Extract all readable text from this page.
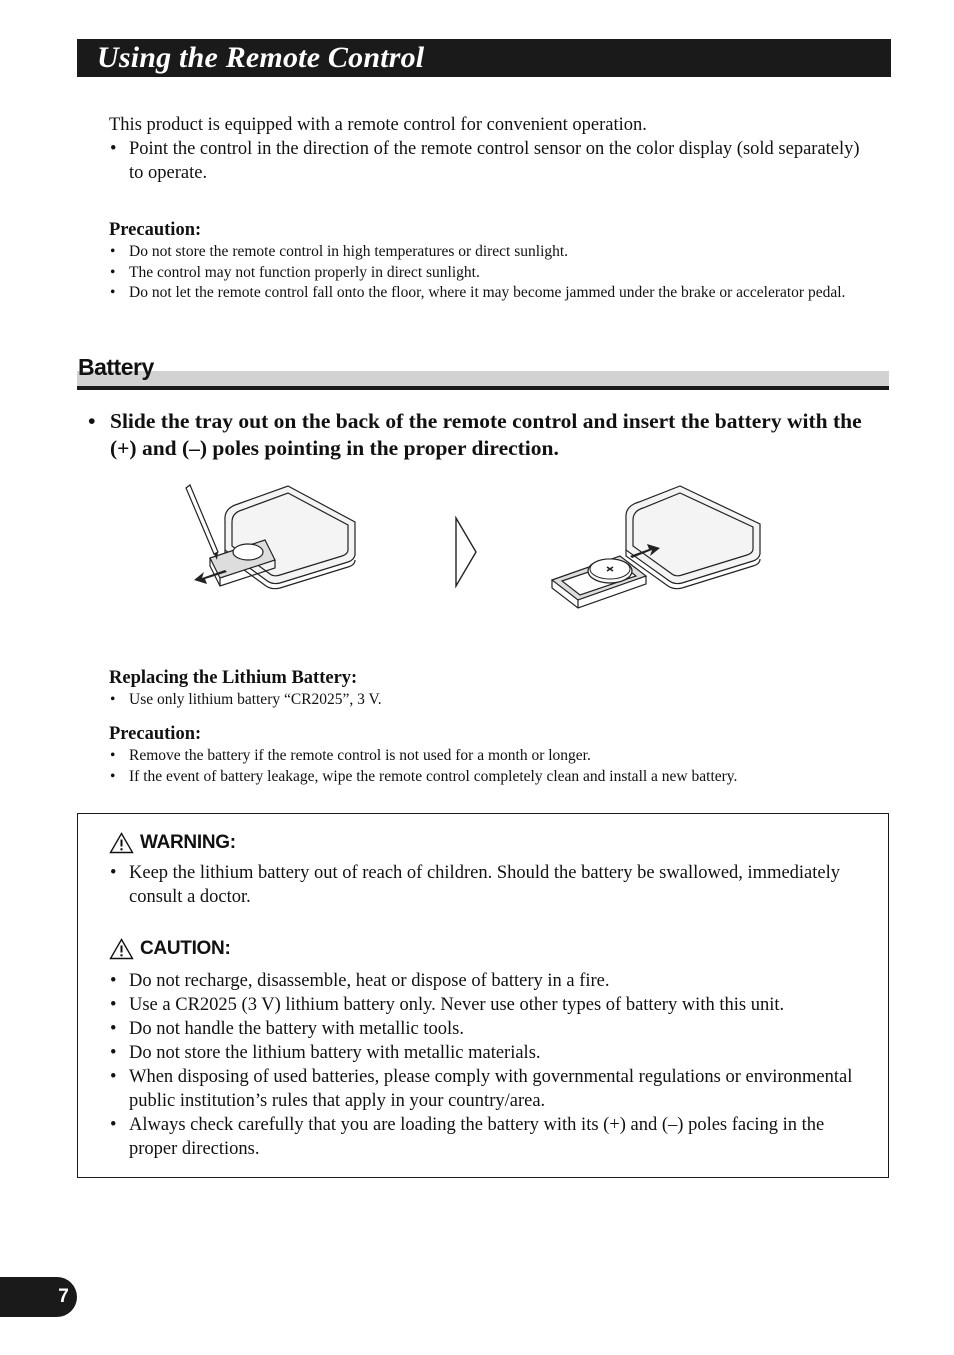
Using the Remote Control

This product is equipped with a remote control for convenient operation.

• Point the control in the direction of the remote control sensor on the color display (sold separately) to operate.

Precaution:

• Do not store the remote control in high temperatures or direct sunlight.
• The control may not function properly in direct sunlight.
• Do not let the remote control fall onto the floor, where it may become jammed under the brake or accelerator pedal.
Battery
• Slide the tray out on the back of the remote control and insert the battery with the (+) and (–) poles pointing in the proper direction.

Replacing the Lithium Battery:

• Use only lithium battery “CR2025”, 3 V.

Precaution:

• Remove the battery if the remote control is not used for a month or longer.
• If the event of battery leakage, wipe the remote control completely clean and install a new battery.
WARNING:
• Keep the lithium battery out of reach of children. Should the battery be swallowed, immediately consult a doctor.
CAUTION:
• Do not recharge, disassemble, heat or dispose of battery in a fire.
• Use a CR2025 (3 V) lithium battery only. Never use other types of battery with this unit.
• Do not handle the battery with metallic tools.
• Do not store the lithium battery with metallic materials.
• When disposing of used batteries, please comply with governmental regulations or environmental public institution’s rules that apply in your country/area.
• Always check carefully that you are loading the battery with its (+) and (–) poles facing in the proper directions.
7
